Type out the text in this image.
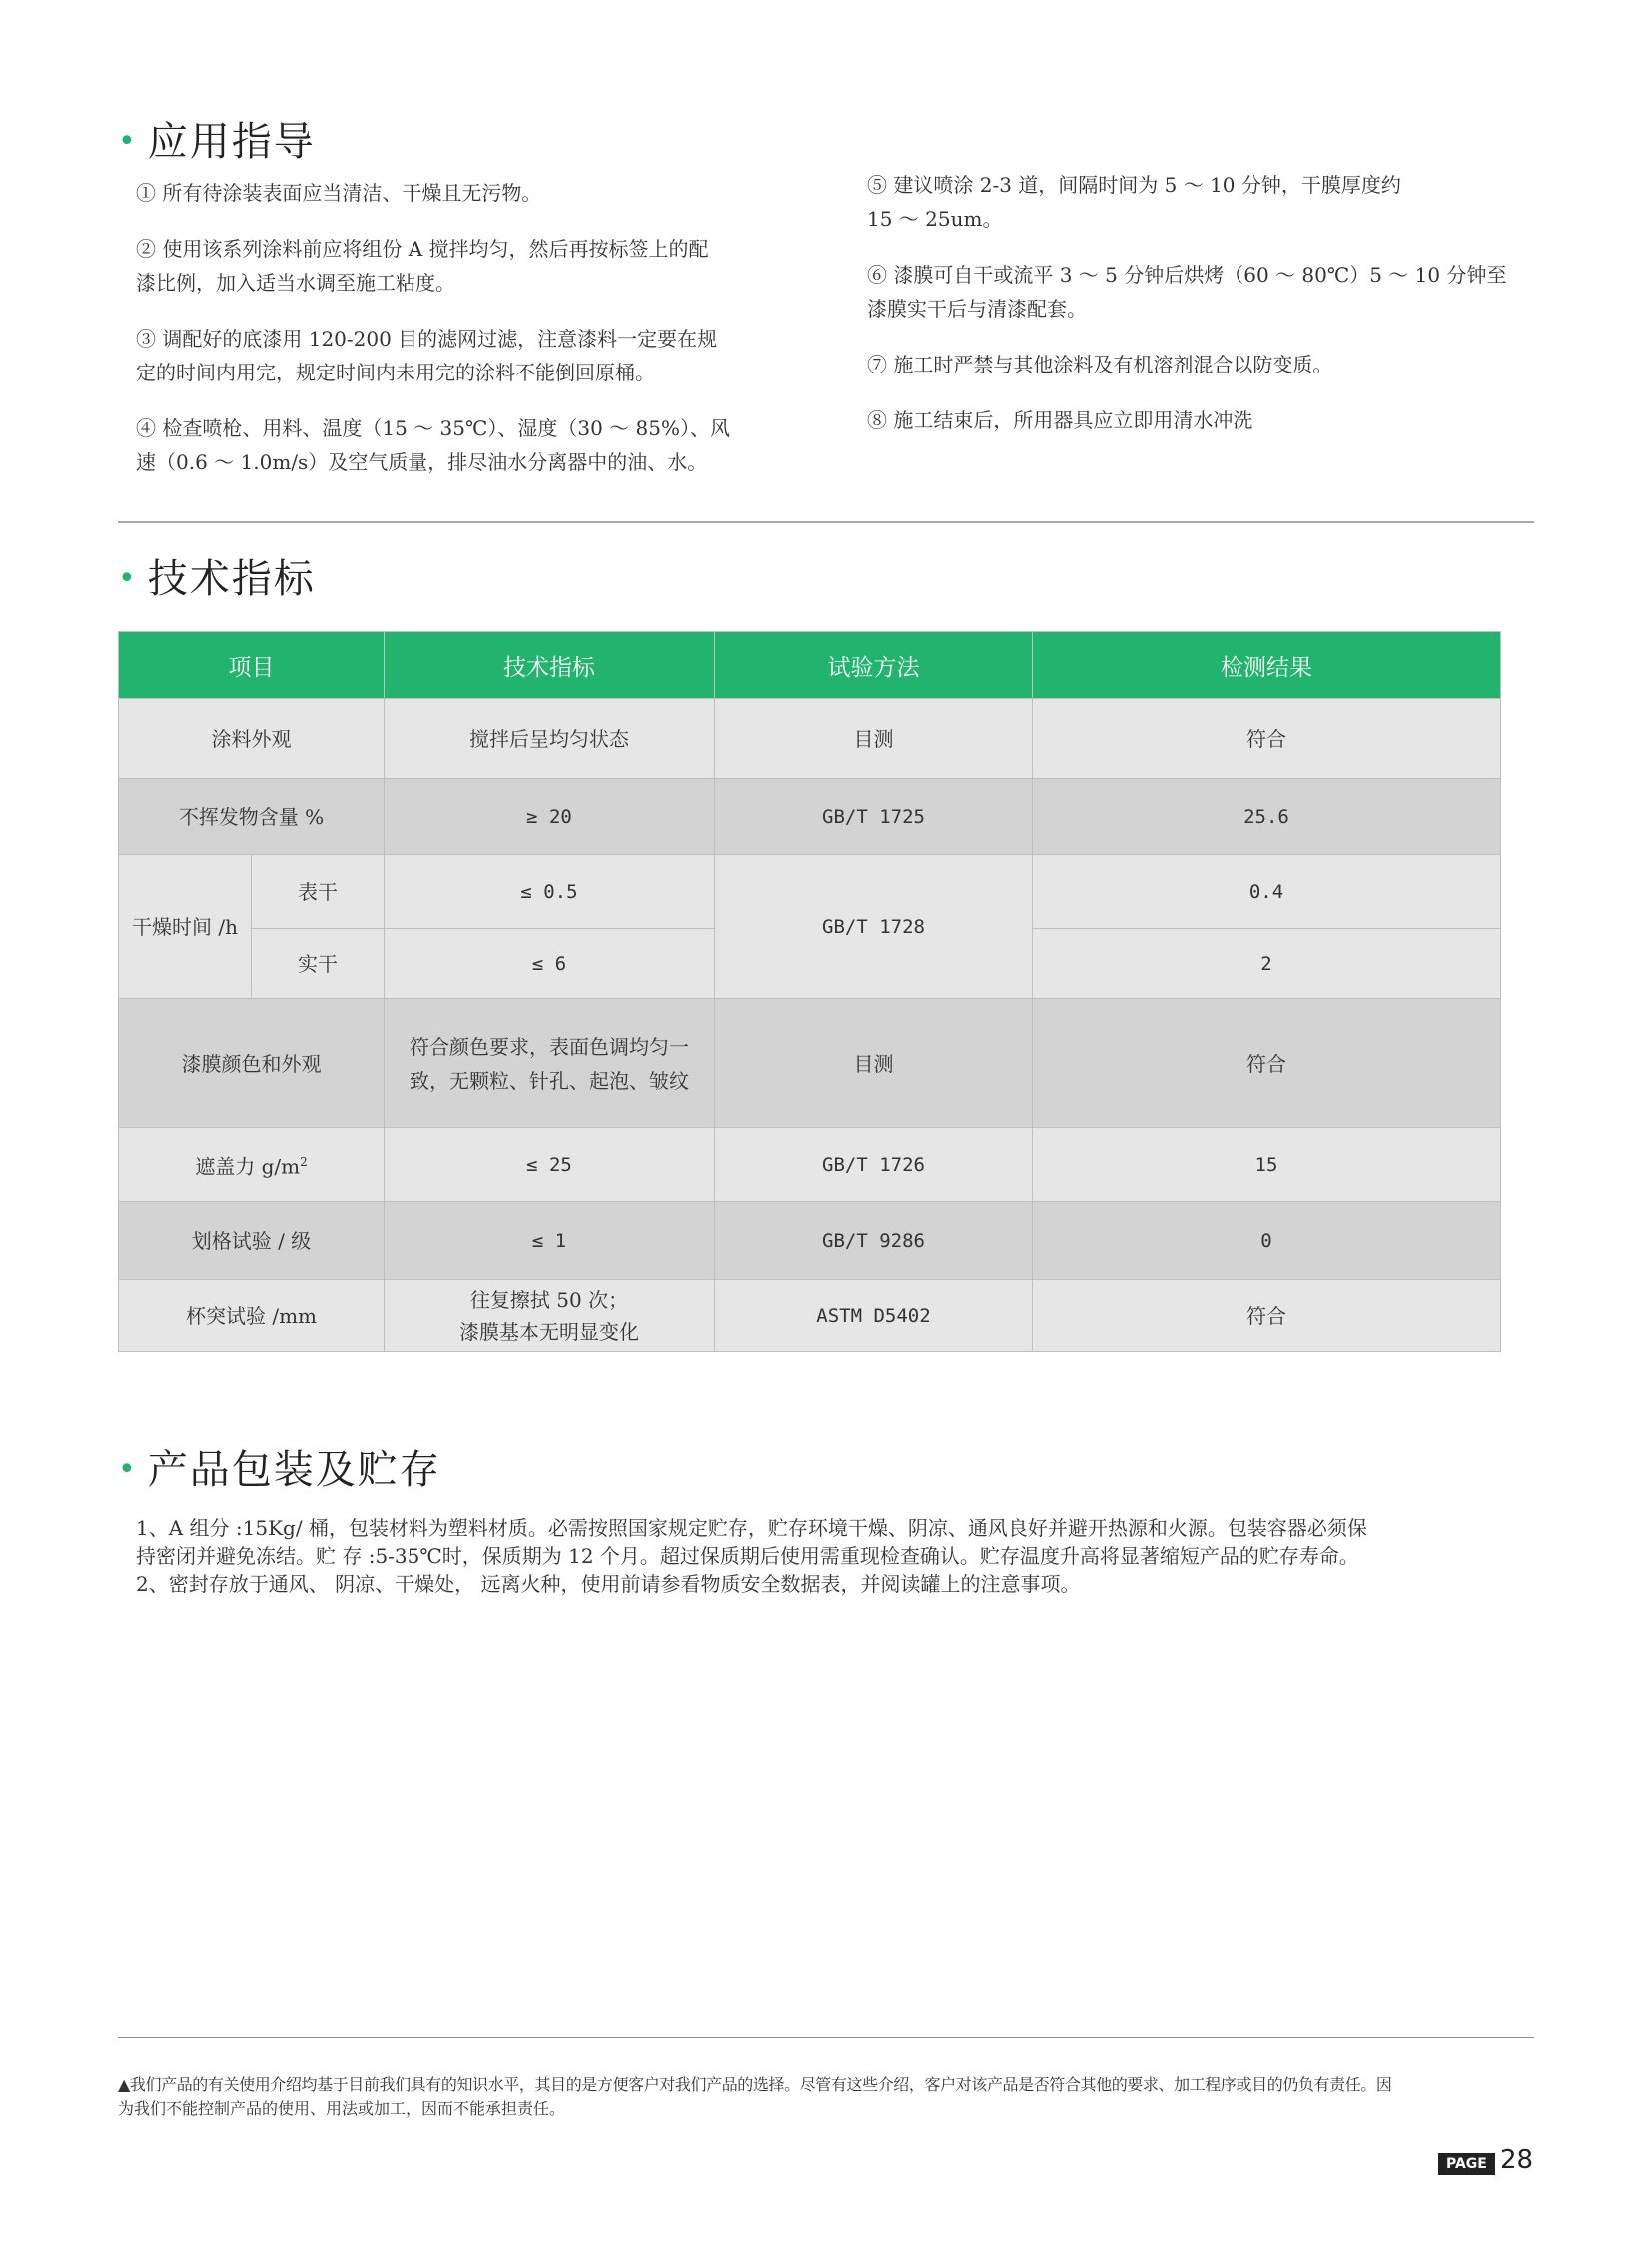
• 应用指导
① 所有待涂装表面应当清洁、干燥且无污物。
② 使用该系列涂料前应将组份 A 搅拌均匀，然后再按标签上的配
漆比例，加入适当水调至施工粘度。
③ 调配好的底漆用 120-200 目的滤网过滤，注意漆料一定要在规
定的时间内用完，规定时间内未用完的涂料不能倒回原桶。
④ 检查喷枪、用料、温度（15 ～ 35℃）、湿度（30 ～ 85%）、风
速（0.6 ～ 1.0m/s）及空气质量，排尽油水分离器中的油、水。
⑤ 建议喷涂 2-3 道，间隔时间为 5 ～ 10 分钟，干膜厚度约
15 ～ 25um。
⑥ 漆膜可自干或流平 3 ～ 5 分钟后烘烤（60 ～ 80℃）5 ～ 10 分钟至
漆膜实干后与清漆配套。
⑦ 施工时严禁与其他涂料及有机溶剂混合以防变质。
⑧ 施工结束后，所用器具应立即用清水冲洗
• 技术指标
项目		技术指标	试验方法	检测结果
涂料外观		搅拌后呈均匀状态	目测	符合
不挥发物含量 %		≥ 20	GB/T 1725	25.6
干燥时间 /h	表干	≤ 0.5	GB/T 1728	0.4
	实干	≤ 6		2
漆膜颜色和外观		符合颜色要求，表面色调均匀一
致，无颗粒、针孔、起泡、皱纹	目测	符合
遮盖力 $g/m^2$		≤ 25	GB/T 1726	15
划格试验 / 级		≤ 1	GB/T 9286	0
杯突试验 /mm		往复擦拭 50 次；
漆膜基本无明显变化	ASTM D5402	符合
• 产品包装及贮存
1、A 组分 :15Kg/ 桶，包装材料为塑料材质。必需按照国家规定贮存，贮存环境干燥、阴凉、通风良好并避开热源和火源。包装容器必须保
持密闭并避免冻结。贮 存 :5-35℃时，保质期为 12 个月。超过保质期后使用需重现检查确认。贮存温度升高将显著缩短产品的贮存寿命。
2、密封存放于通风、 阴凉、干燥处， 远离火种，使用前请参看物质安全数据表，并阅读罐上的注意事项。
▲我们产品的有关使用介绍均基于目前我们具有的知识水平，其目的是方便客户对我们产品的选择。尽管有这些介绍，客户对该产品是否符合其他的要求、加工程序或目的仍负有责任。因
为我们不能控制产品的使用、用法或加工，因而不能承担责任。
PAGE 28
